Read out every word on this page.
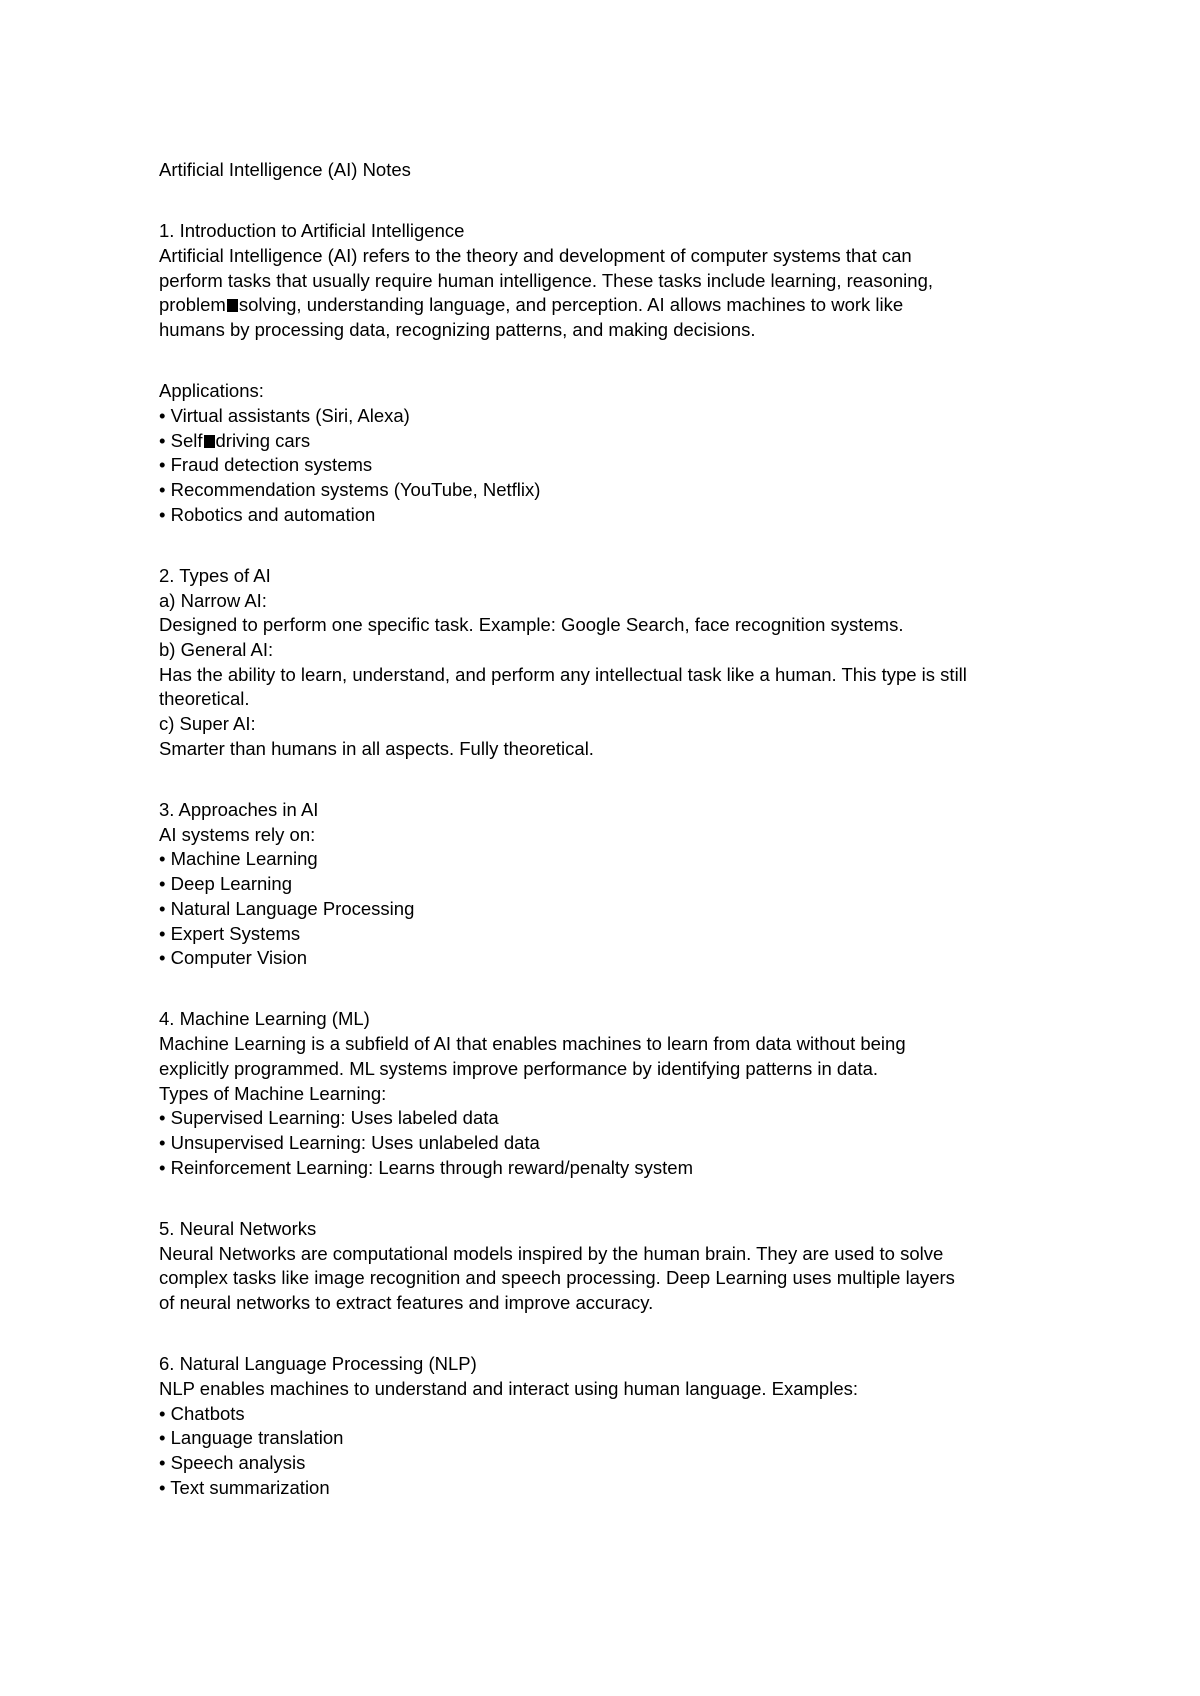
Artificial Intelligence (AI) Notes
1. Introduction to Artificial Intelligence
Artificial Intelligence (AI) refers to the theory and development of computer systems that can
perform tasks that usually require human intelligence. These tasks include learning, reasoning,
problem solving, understanding language, and perception. AI allows machines to work like
humans by processing data, recognizing patterns, and making decisions.
Applications:
• Virtual assistants (Siri, Alexa)
• Self driving cars
• Fraud detection systems
• Recommendation systems (YouTube, Netflix)
• Robotics and automation
2. Types of AI
a) Narrow AI:
Designed to perform one specific task. Example: Google Search, face recognition systems.
b) General AI:
Has the ability to learn, understand, and perform any intellectual task like a human. This type is still
theoretical.
c) Super AI:
Smarter than humans in all aspects. Fully theoretical.
3. Approaches in AI
AI systems rely on:
• Machine Learning
• Deep Learning
• Natural Language Processing
• Expert Systems
• Computer Vision
4. Machine Learning (ML)
Machine Learning is a subfield of AI that enables machines to learn from data without being
explicitly programmed. ML systems improve performance by identifying patterns in data.
Types of Machine Learning:
• Supervised Learning: Uses labeled data
• Unsupervised Learning: Uses unlabeled data
• Reinforcement Learning: Learns through reward/penalty system
5. Neural Networks
Neural Networks are computational models inspired by the human brain. They are used to solve
complex tasks like image recognition and speech processing. Deep Learning uses multiple layers
of neural networks to extract features and improve accuracy.
6. Natural Language Processing (NLP)
NLP enables machines to understand and interact using human language. Examples:
• Chatbots
• Language translation
• Speech analysis
• Text summarization
